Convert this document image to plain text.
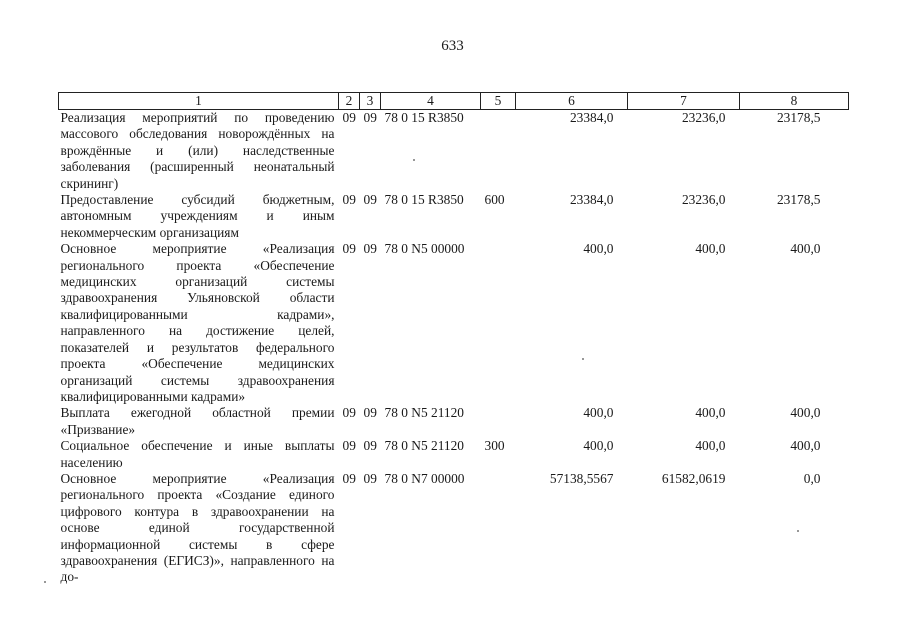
633
1	2	3	4	5	6	7	8
Реализация мероприятий по проведению массового обследования новорождённых на врождённые и (или) наследственные заболевания (расширенный неонатальный скрининг)	09	09	78 0 15 R3850		23384,0	23236,0	23178,5
Предоставление субсидий бюджетным, автономным учреждениям и иным некоммерческим организациям	09	09	78 0 15 R3850	600	23384,0	23236,0	23178,5
Основное мероприятие «Реализация регионального проекта «Обеспечение медицинских организаций системы здравоохранения Ульяновской области квалифицированными кадрами», направленного на достижение целей, показателей и результатов федерального проекта «Обеспечение медицинских организаций системы здравоохранения квалифицированными кадрами»	09	09	78 0 N5 00000		400,0	400,0	400,0
Выплата ежегодной областной премии «Призвание»	09	09	78 0 N5 21120		400,0	400,0	400,0
Социальное обеспечение и иные выплаты населению	09	09	78 0 N5 21120	300	400,0	400,0	400,0
Основное мероприятие «Реализация регионального проекта «Создание единого цифрового контура в здравоохранении на основе единой государственной информационной системы в сфере здравоохранения (ЕГИСЗ)», направленного на до-	09	09	78 0 N7 00000		57138,5567	61582,0619	0,0
